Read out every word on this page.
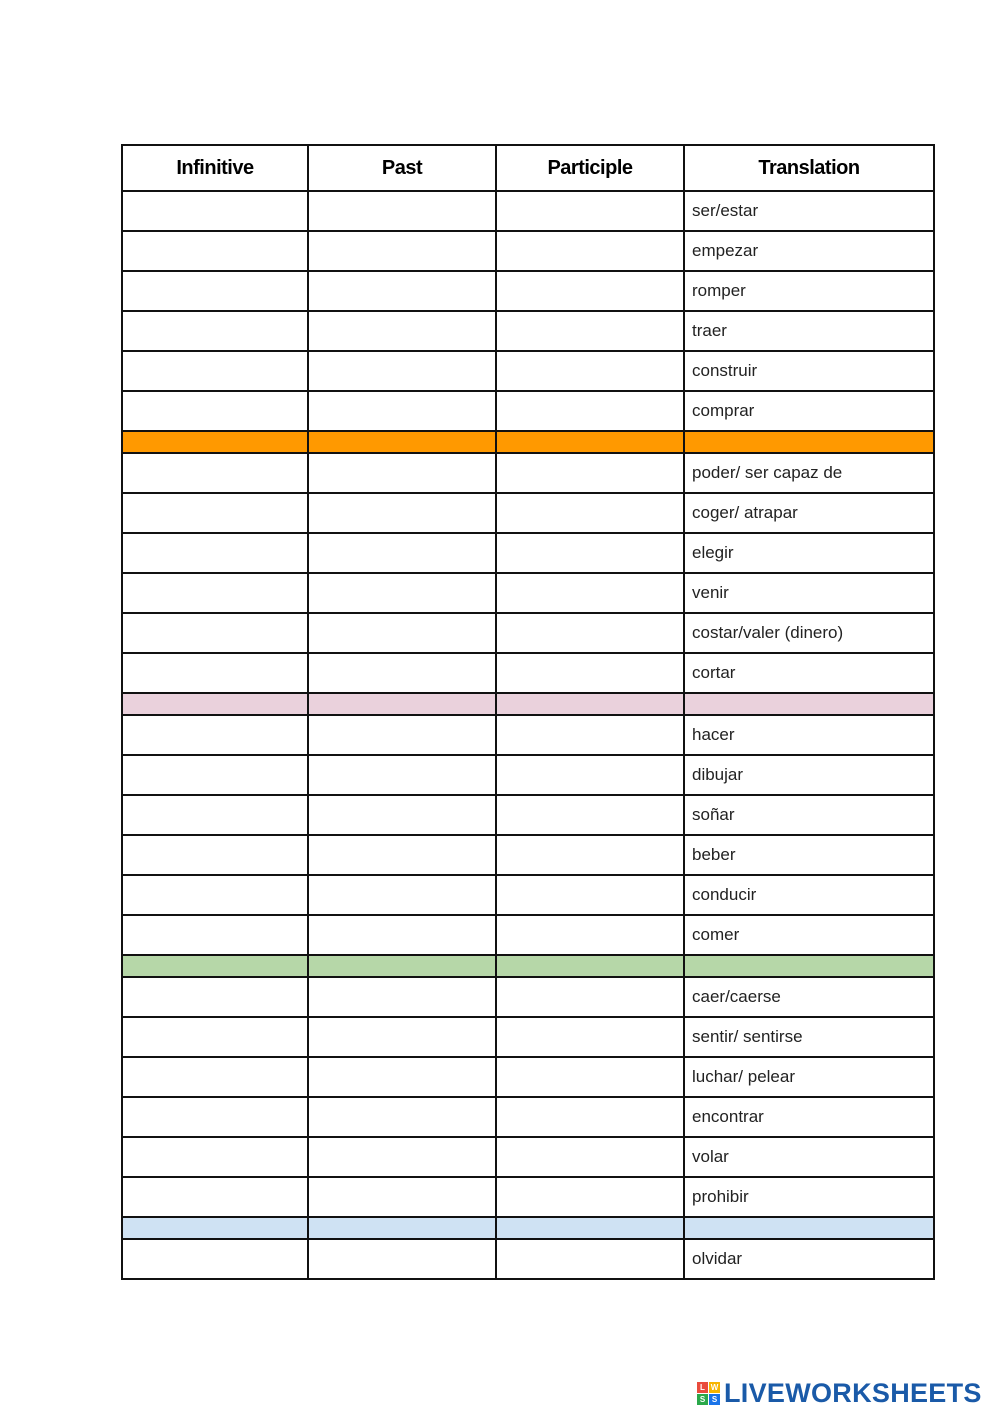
Infinitive	Past	Participle	Translation
			ser/estar
			empezar
			romper
			traer
			construir
			comprar

			poder/ ser capaz de
			coger/ atrapar
			elegir
			venir
			costar/valer (dinero)
			cortar

			hacer
			dibujar
			soñar
			beber
			conducir
			comer

			caer/caerse
			sentir/ sentirse
			luchar/ pelear
			encontrar
			volar
			prohibir

			olvidar
L W
S S LIVEWORKSHEETS
